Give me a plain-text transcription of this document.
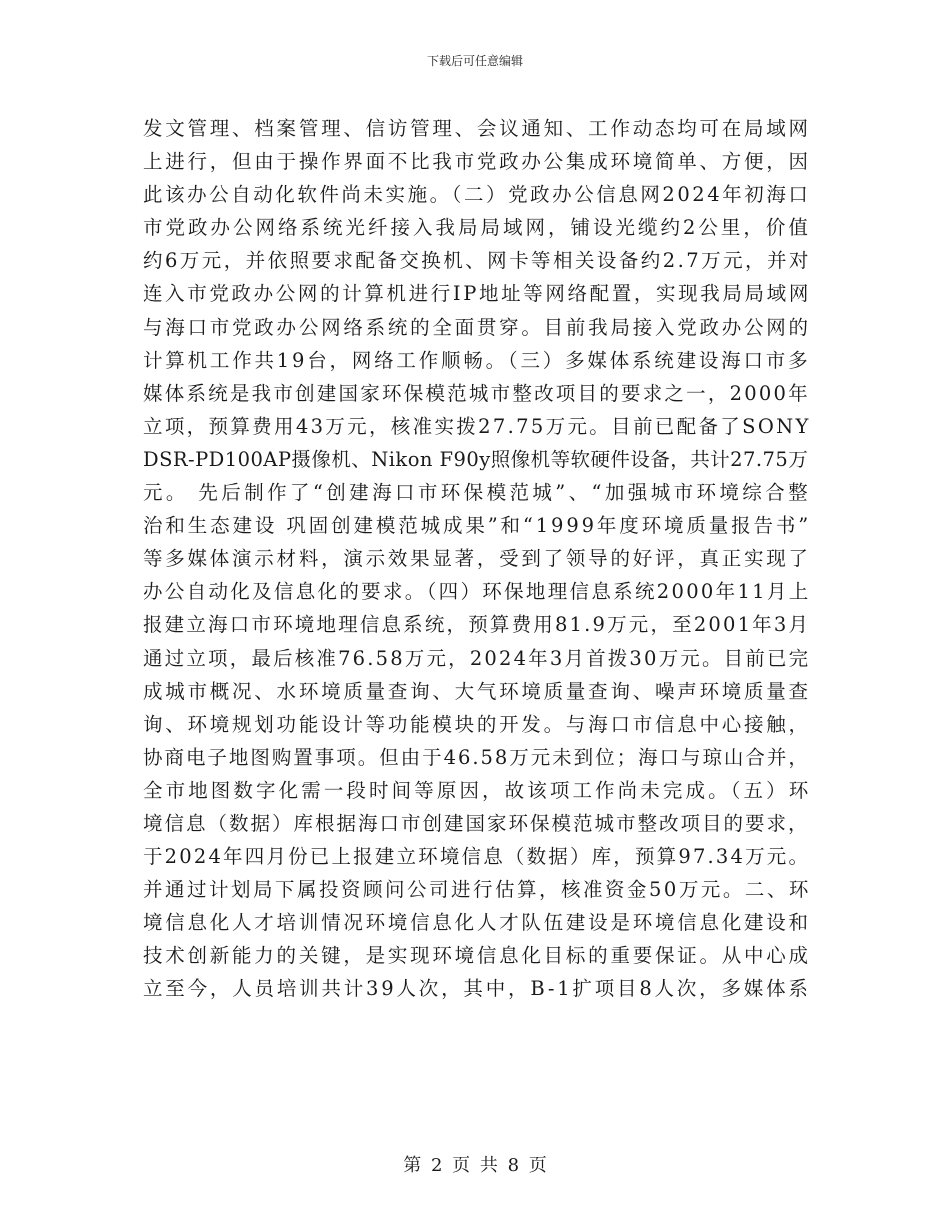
下载后可任意编辑
发文管理、档案管理、信访管理、会议通知、工作动态均可在局域网
上进行，但由于操作界面不比我市党政办公集成环境简单、方便，因
此该办公自动化软件尚未实施。（二）党政办公信息网2024年初海口
市党政办公网络系统光纤接入我局局域网，铺设光缆约2公里，价值
约6万元，并依照要求配备交换机、网卡等相关设备约2.7万元，并对
连入市党政办公网的计算机进行IP地址等网络配置，实现我局局域网
与海口市党政办公网络系统的全面贯穿。目前我局接入党政办公网的
计算机工作共19台，网络工作顺畅。（三）多媒体系统建设海口市多
媒体系统是我市创建国家环保模范城市整改项目的要求之一，2000年
立项，预算费用43万元，核准实拨27.75万元。目前已配备了SONY
DSR-PD100AP摄像机、Nikon F90y照像机等软硬件设备，共计27.75万
元。 先后制作了“创建海口市环保模范城”、“加强城市环境综合整
治和生态建设 巩固创建模范城成果”和“1999年度环境质量报告书”
等多媒体演示材料，演示效果显著，受到了领导的好评，真正实现了
办公自动化及信息化的要求。（四）环保地理信息系统2000年11月上
报建立海口市环境地理信息系统，预算费用81.9万元，至2001年3月
通过立项，最后核准76.58万元，2024年3月首拨30万元。目前已完
成城市概况、水环境质量查询、大气环境质量查询、噪声环境质量查
询、环境规划功能设计等功能模块的开发。与海口市信息中心接触，
协商电子地图购置事项。但由于46.58万元未到位；海口与琼山合并，
全市地图数字化需一段时间等原因，故该项工作尚未完成。（五）环
境信息（数据）库根据海口市创建国家环保模范城市整改项目的要求，
于2024年四月份已上报建立环境信息（数据）库，预算97.34万元。
并通过计划局下属投资顾问公司进行估算，核准资金50万元。二、环
境信息化人才培训情况环境信息化人才队伍建设是环境信息化建设和
技术创新能力的关键，是实现环境信息化目标的重要保证。从中心成
立至今，人员培训共计39人次，其中，B-1扩项目8人次，多媒体系
第 2 页 共 8 页
